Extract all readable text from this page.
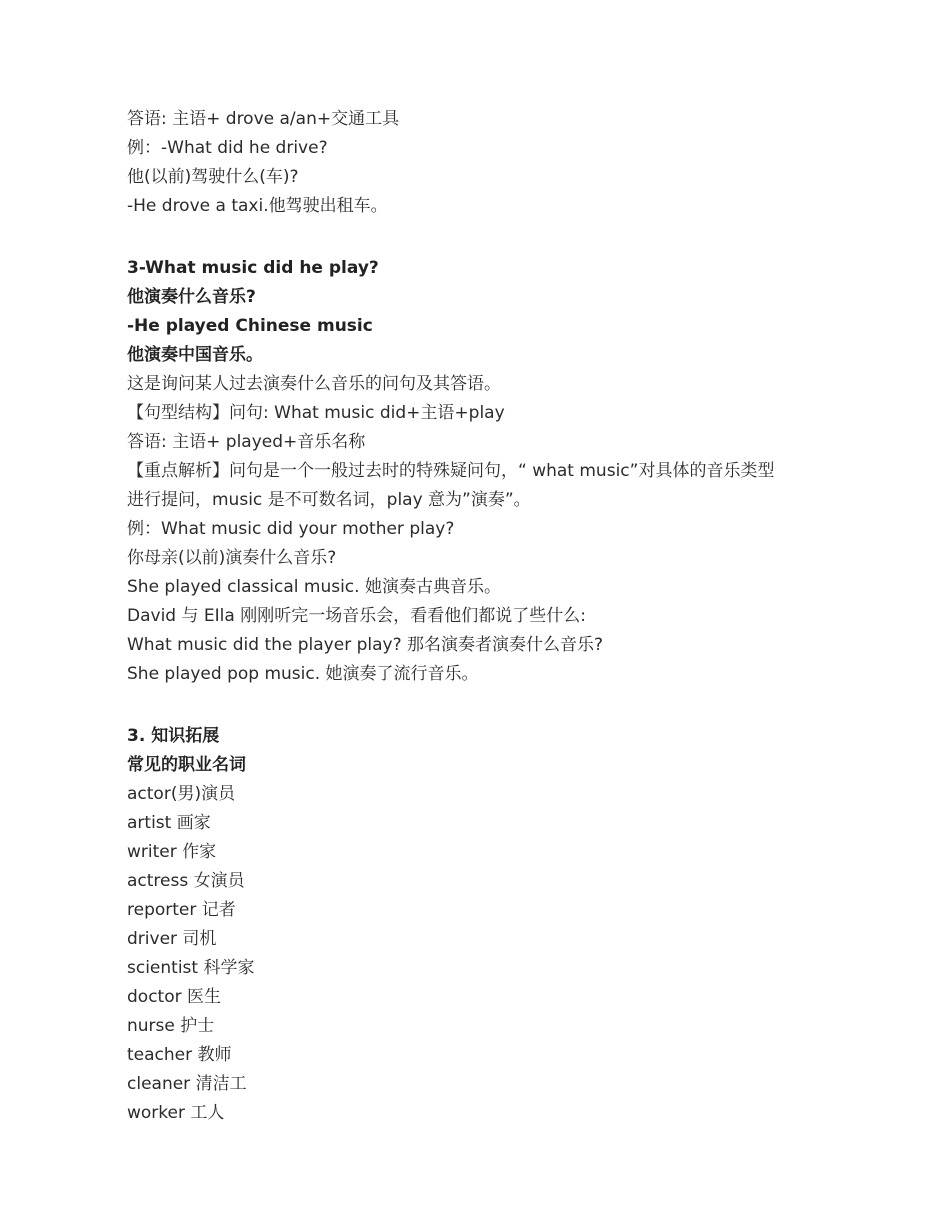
答语: 主语+ drove a/an+交通工具
例：-What did he drive?
他(以前)驾驶什么(车)?
-He drove a taxi.他驾驶出租车。
3-What music did he play?
他演奏什么音乐?
-He played Chinese music
他演奏中国音乐。
这是询问某人过去演奏什么音乐的问句及其答语。
【句型结构】问句: What music did+主语+play
答语: 主语+ played+音乐名称
【重点解析】问句是一个一般过去时的特殊疑问句，“ what music”对具体的音乐类型
进行提问，music 是不可数名词，play 意为”演奏”。
例：What music did your mother play?
你母亲(以前)演奏什么音乐?
She played classical music. 她演奏古典音乐。
David 与 EIla 刚刚听完一场音乐会，看看他们都说了些什么:
What music did the player play? 那名演奏者演奏什么音乐?
She played pop music. 她演奏了流行音乐。
3. 知识拓展
常见的职业名词
actor(男)演员
artist 画家
writer 作家
actress 女演员
reporter 记者
driver 司机
scientist 科学家
doctor 医生
nurse 护士
teacher 教师
cleaner 清洁工
worker 工人
